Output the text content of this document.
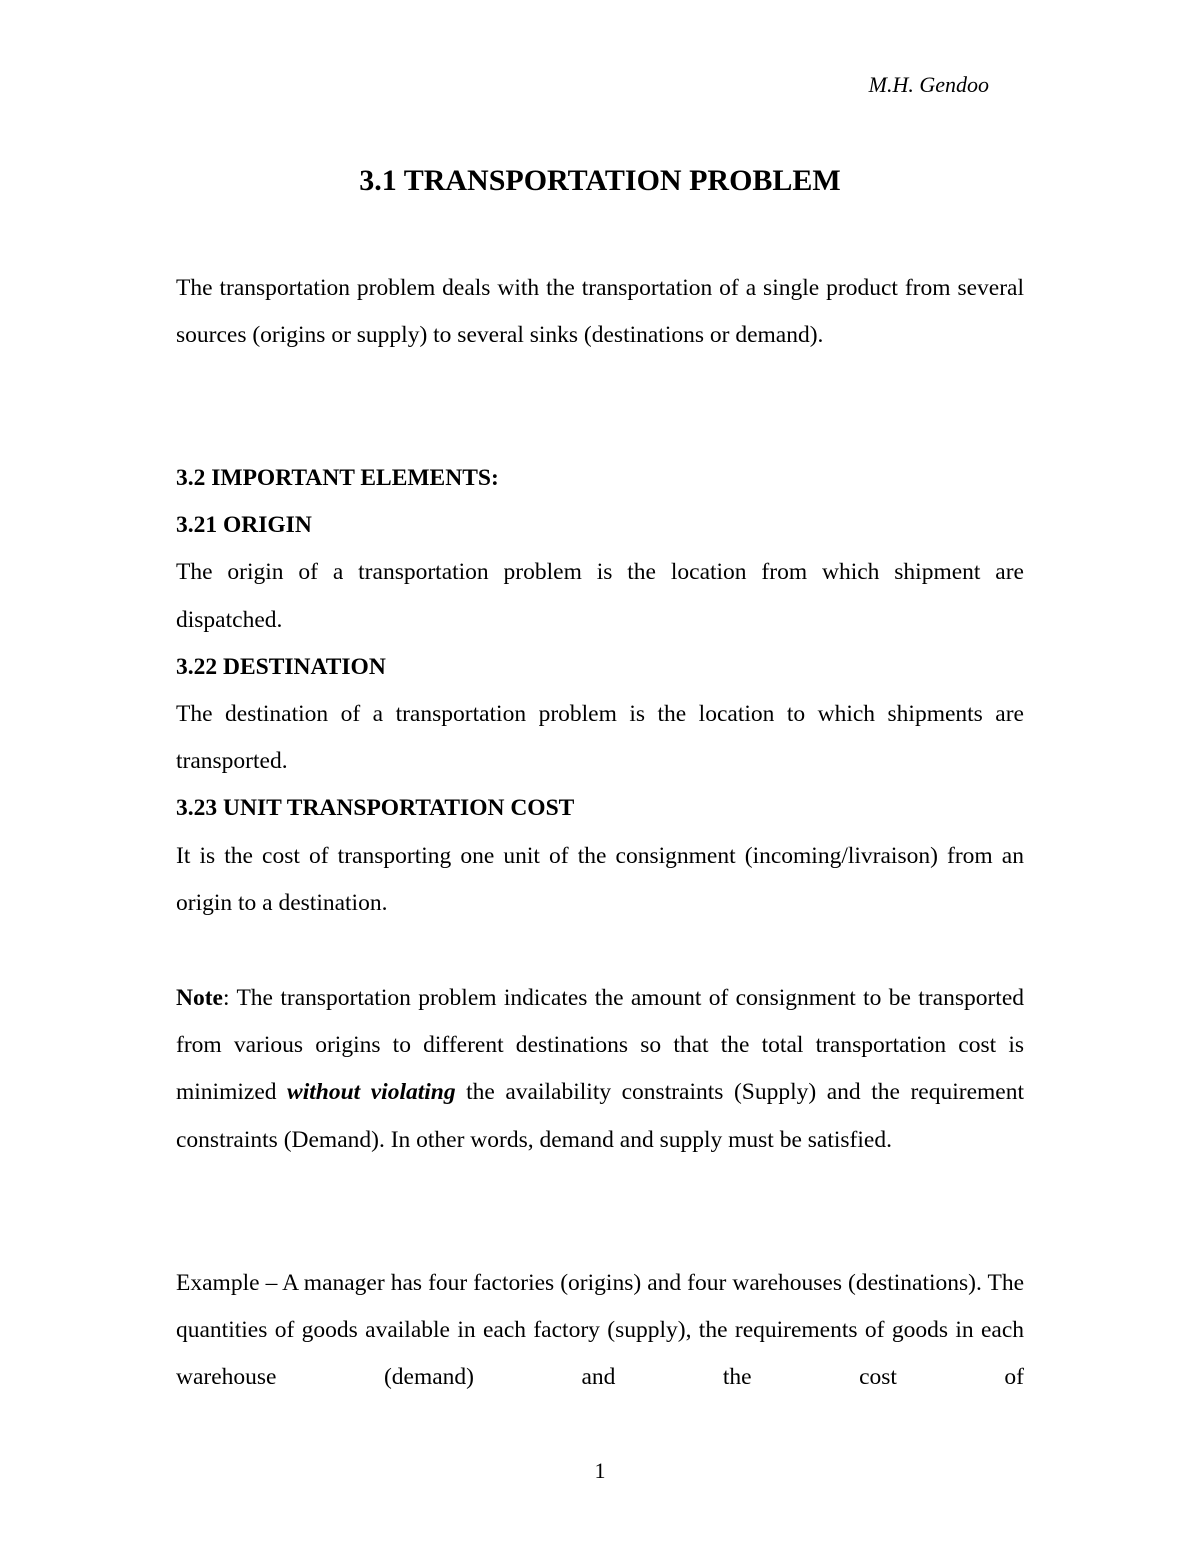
M.H. Gendoo
3.1 TRANSPORTATION PROBLEM

The transportation problem deals with the transportation of a single product from several sources (origins or supply) to several sinks (destinations or demand).

3.2 IMPORTANT ELEMENTS:

3.21 ORIGIN

The origin of a transportation problem is the location from which shipment are dispatched.

3.22 DESTINATION

The destination of a transportation problem is the location to which shipments are transported.

3.23 UNIT TRANSPORTATION COST

It is the cost of transporting one unit of the consignment (incoming/livraison) from an origin to a destination.

Note: The transportation problem indicates the amount of consignment to be transported from various origins to different destinations so that the total transportation cost is minimized without violating the availability constraints (Supply) and the requirement constraints (Demand). In other words, demand and supply must be satisfied.

Example – A manager has four factories (origins) and four warehouses (destinations). The quantities of goods available in each factory (supply), the requirements of goods in each warehouse (demand) and the cost of

1
